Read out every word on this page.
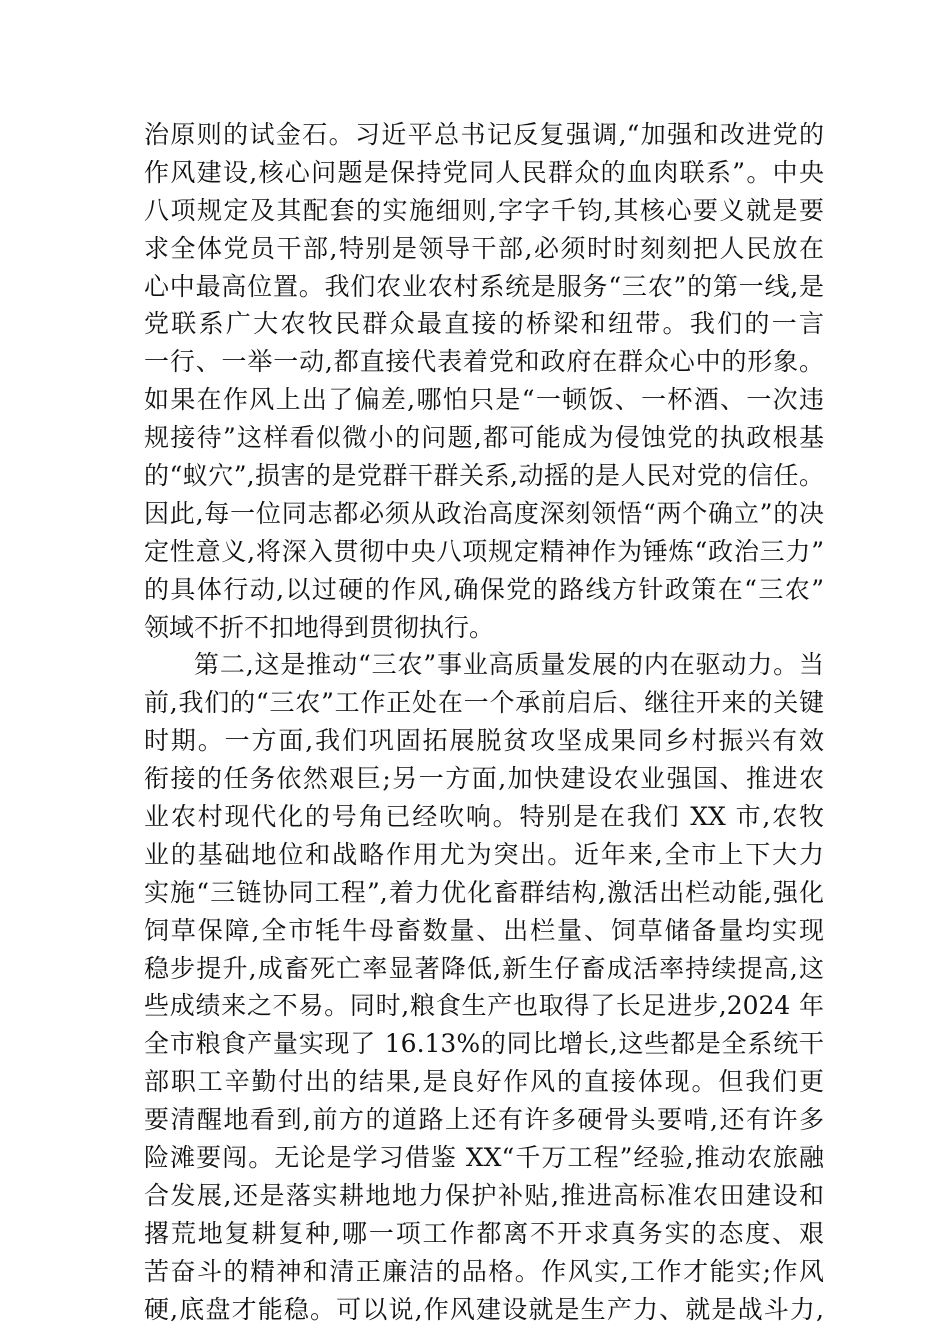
治原则的试金石。习近平总书记反复强调,“加强和改进党的
作风建设,核心问题是保持党同人民群众的血肉联系”。中央
八项规定及其配套的实施细则,字字千钧,其核心要义就是要
求全体党员干部,特别是领导干部,必须时时刻刻把人民放在
心中最高位置。我们农业农村系统是服务“三农”的第一线,是
党联系广大农牧民群众最直接的桥梁和纽带。我们的一言
一行、一举一动,都直接代表着党和政府在群众心中的形象。
如果在作风上出了偏差,哪怕只是“一顿饭、一杯酒、一次违
规接待”这样看似微小的问题,都可能成为侵蚀党的执政根基
的“蚁穴”,损害的是党群干群关系,动摇的是人民对党的信任。
因此,每一位同志都必须从政治高度深刻领悟“两个确立”的决
定性意义,将深入贯彻中央八项规定精神作为锤炼“政治三力”
的具体行动,以过硬的作风,确保党的路线方针政策在“三农”
领域不折不扣地得到贯彻执行。
第二,这是推动“三农”事业高质量发展的内在驱动力。当
前,我们的“三农”工作正处在一个承前启后、继往开来的关键
时期。一方面,我们巩固拓展脱贫攻坚成果同乡村振兴有效
衔接的任务依然艰巨;另一方面,加快建设农业强国、推进农
业农村现代化的号角已经吹响。特别是在我们 XX 市,农牧
业的基础地位和战略作用尤为突出。近年来,全市上下大力
实施“三链协同工程”,着力优化畜群结构,激活出栏动能,强化
饲草保障,全市牦牛母畜数量、出栏量、饲草储备量均实现
稳步提升,成畜死亡率显著降低,新生仔畜成活率持续提高,这
些成绩来之不易。同时,粮食生产也取得了长足进步,2024 年
全市粮食产量实现了 16.13%的同比增长,这些都是全系统干
部职工辛勤付出的结果,是良好作风的直接体现。但我们更
要清醒地看到,前方的道路上还有许多硬骨头要啃,还有许多
险滩要闯。无论是学习借鉴 XX“千万工程”经验,推动农旅融
合发展,还是落实耕地地力保护补贴,推进高标准农田建设和
撂荒地复耕复种,哪一项工作都离不开求真务实的态度、艰
苦奋斗的精神和清正廉洁的品格。作风实,工作才能实;作风
硬,底盘才能稳。可以说,作风建设就是生产力、就是战斗力,
